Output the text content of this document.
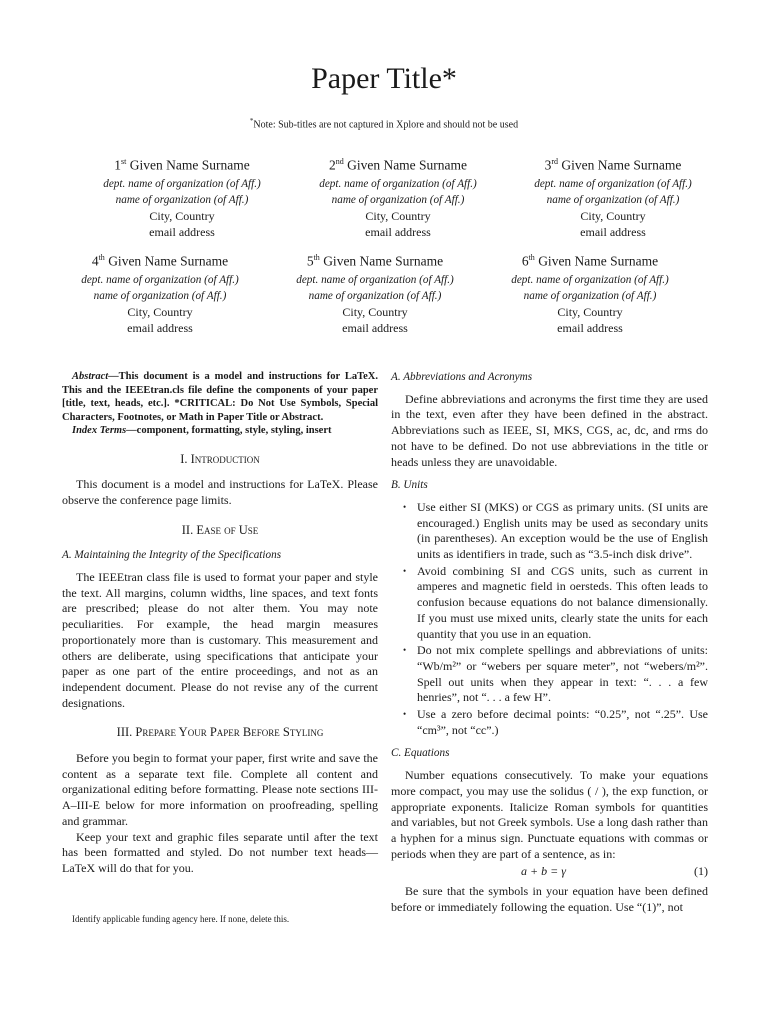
Paper Title*
*Note: Sub-titles are not captured in Xplore and should not be used
1st Given Name Surname
dept. name of organization (of Aff.)
name of organization (of Aff.)
City, Country
email address
2nd Given Name Surname
dept. name of organization (of Aff.)
name of organization (of Aff.)
City, Country
email address
3rd Given Name Surname
dept. name of organization (of Aff.)
name of organization (of Aff.)
City, Country
email address
4th Given Name Surname
dept. name of organization (of Aff.)
name of organization (of Aff.)
City, Country
email address
5th Given Name Surname
dept. name of organization (of Aff.)
name of organization (of Aff.)
City, Country
email address
6th Given Name Surname
dept. name of organization (of Aff.)
name of organization (of Aff.)
City, Country
email address
Abstract—This document is a model and instructions for LaTeX. This and the IEEEtran.cls file define the components of your paper [title, text, heads, etc.]. *CRITICAL: Do Not Use Symbols, Special Characters, Footnotes, or Math in Paper Title or Abstract.
Index Terms—component, formatting, style, styling, insert
I. Introduction

This document is a model and instructions for LaTeX. Please observe the conference page limits.

II. Ease of Use
A. Maintaining the Integrity of the Specifications

The IEEEtran class file is used to format your paper and style the text. All margins, column widths, line spaces, and text fonts are prescribed; please do not alter them. You may note peculiarities. For example, the head margin measures proportionately more than is customary. This measurement and others are deliberate, using specifications that anticipate your paper as one part of the entire proceedings, and not as an independent document. Please do not revise any of the current designations.

III. Prepare Your Paper Before Styling

Before you begin to format your paper, first write and save the content as a separate text file. Complete all content and organizational editing before formatting. Please note sections III-A–III-E below for more information on proofreading, spelling and grammar.

Keep your text and graphic files separate until after the text has been formatted and styled. Do not number text heads—LaTeX will do that for you.

A. Abbreviations and Acronyms

Define abbreviations and acronyms the first time they are used in the text, even after they have been defined in the abstract. Abbreviations such as IEEE, SI, MKS, CGS, ac, dc, and rms do not have to be defined. Do not use abbreviations in the title or heads unless they are unavoidable.

B. Units
• Use either SI (MKS) or CGS as primary units. (SI units are encouraged.) English units may be used as secondary units (in parentheses). An exception would be the use of English units as identifiers in trade, such as “3.5-inch disk drive”.
• Avoid combining SI and CGS units, such as current in amperes and magnetic field in oersteds. This often leads to confusion because equations do not balance dimensionally. If you must use mixed units, clearly state the units for each quantity that you use in an equation.
• Do not mix complete spellings and abbreviations of units: “Wb/m²” or “webers per square meter”, not “webers/m²”. Spell out units when they appear in text: “. . . a few henries”, not “. . . a few H”.
• Use a zero before decimal points: “0.25”, not “.25”. Use “cm³”, not “cc”.)
C. Equations

Number equations consecutively. To make your equations more compact, you may use the solidus ( / ), the exp function, or appropriate exponents. Italicize Roman symbols for quantities and variables, but not Greek symbols. Use a long dash rather than a hyphen for a minus sign. Punctuate equations with commas or periods when they are part of a sentence, as in:

a + b = γ	(1)

Be sure that the symbols in your equation have been defined before or immediately following the equation. Use “(1)”, not

Identify applicable funding agency here. If none, delete this.
